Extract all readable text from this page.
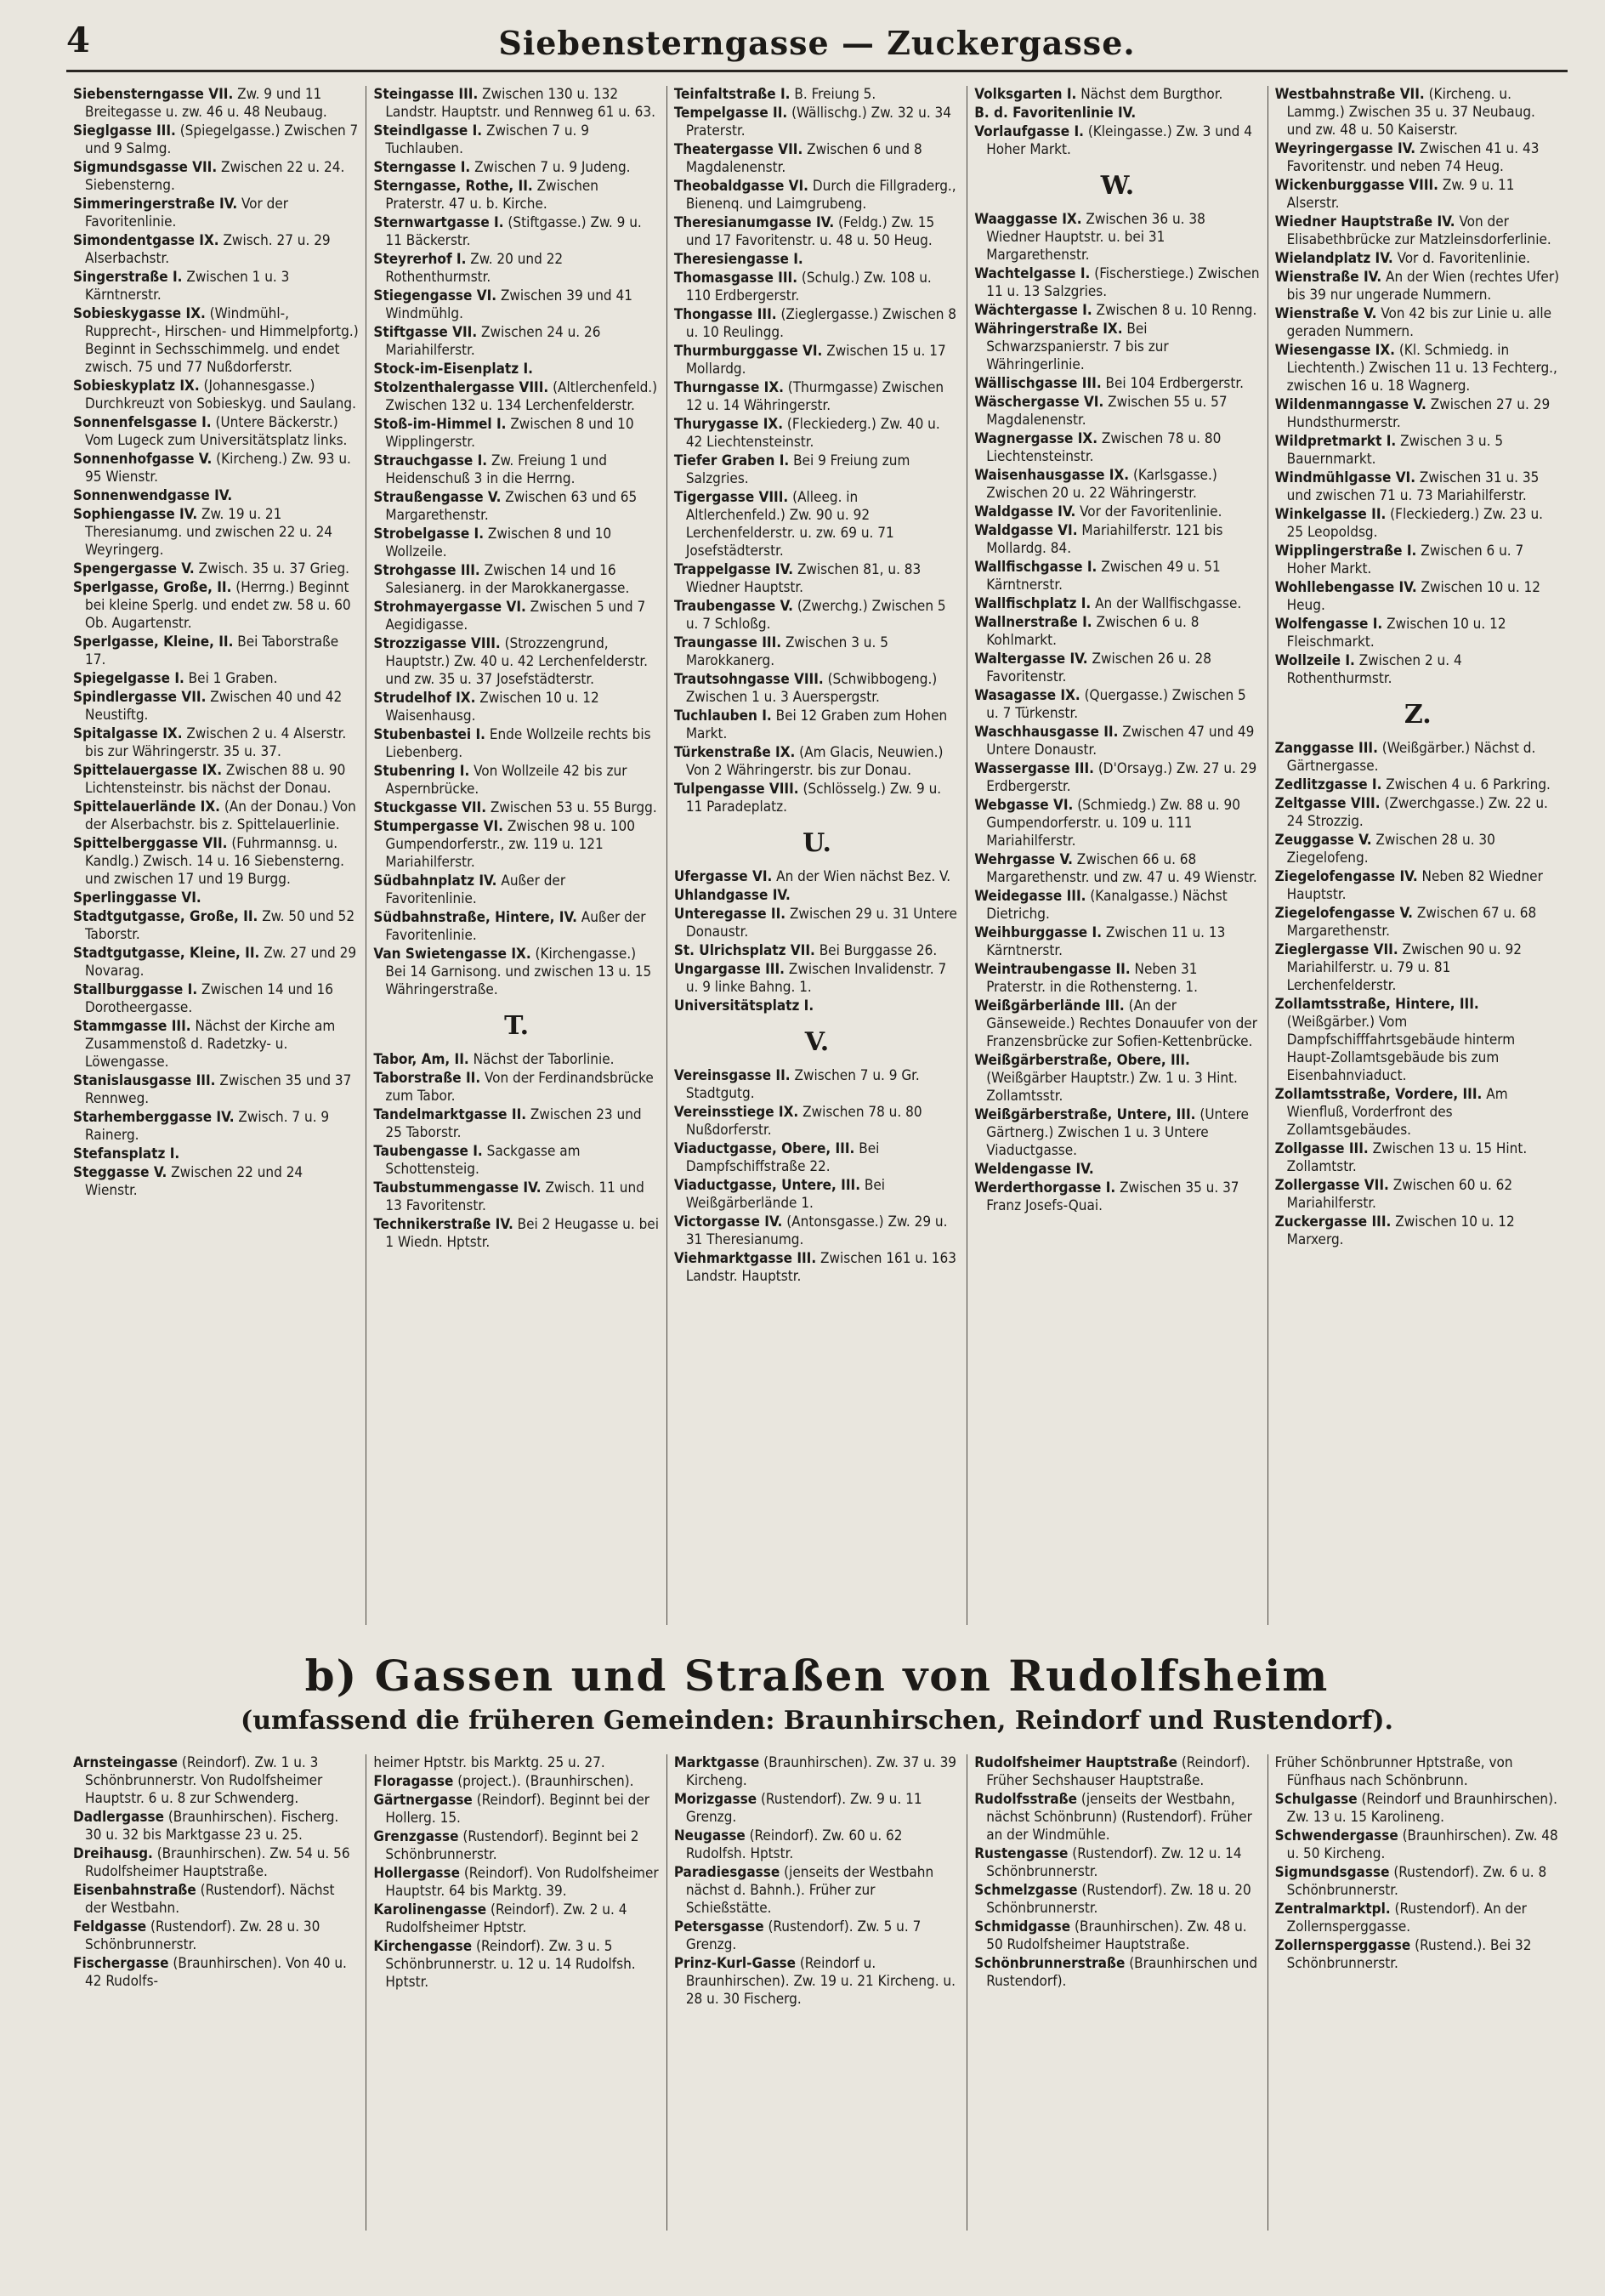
4	Siebensterngasse — Zuckergasse.
Siebensterngasse VII. Zw. 9 und 11 Breitegasse u. zw. 46 u. 48 Neubaug.
Sieglgasse III. (Spiegelgasse.) Zwischen 7 und 9 Salmg.
Sigmundsgasse VII. Zwischen 22 u. 24. Siebensterng.
Simmeringerstraße IV. Vor der Favoritenlinie.
Simondentgasse IX. Zwisch. 27 u. 29 Alserbachstr.
Singerstraße I. Zwischen 1 u. 3 Kärntnerstr.
Sobieskygasse IX. (Windmühl-, Rupprecht-, Hirschen- und Himmelpfortg.) Beginnt in Sechsschimmelg. und endet zwisch. 75 und 77 Nußdorferstr.
Sobieskyplatz IX. (Johannesgasse.) Durchkreuzt von Sobieskyg. und Saulang.
Sonnenfelsgasse I. (Untere Bäckerstr.) Vom Lugeck zum Universitätsplatz links.
Sonnenhofgasse V. (Kircheng.) Zw. 93 u. 95 Wienstr.
Sonnenwendgasse IV.
Sophiengasse IV. Zw. 19 u. 21 Theresianumg. und zwischen 22 u. 24 Weyringerg.
Spengergasse V. Zwisch. 35 u. 37 Grieg.
Sperlgasse, Große, II. (Herrng.) Beginnt bei kleine Sperlg. und endet zw. 58 u. 60 Ob. Augartenstr.
Sperlgasse, Kleine, II. Bei Taborstraße 17.
Spiegelgasse I. Bei 1 Graben.
Spindlergasse VII. Zwischen 40 und 42 Neustiftg.
Spitalgasse IX. Zwischen 2 u. 4 Alserstr. bis zur Währingerstr. 35 u. 37.
Spittelauergasse IX. Zwischen 88 u. 90 Lichtensteinstr. bis nächst der Donau.
Spittelauerlände IX. (An der Donau.) Von der Alserbachstr. bis z. Spittelauerlinie.
Spittelberggasse VII. (Fuhrmannsg. u. Kandlg.) Zwisch. 14 u. 16 Siebensterng. und zwischen 17 und 19 Burgg.
Sperlinggasse VI.
Stadtgutgasse, Große, II. Zw. 50 und 52 Taborstr.
Stadtgutgasse, Kleine, II. Zw. 27 und 29 Novarag.
Stallburggasse I. Zwischen 14 und 16 Dorotheergasse.
Stammgasse III. Nächst der Kirche am Zusammenstoß d. Radetzky- u. Löwengasse.
Stanislausgasse III. Zwischen 35 und 37 Rennweg.
Starhemberggasse IV. Zwisch. 7 u. 9 Rainerg.
Stefansplatz I.
Steggasse V. Zwischen 22 und 24 Wienstr.
Steingasse III. Zwischen 130 u. 132 Landstr. Hauptstr. und Rennweg 61 u. 63.
Steindlgasse I. Zwischen 7 u. 9 Tuchlauben.
Sterngasse I. Zwischen 7 u. 9 Judeng.
Sterngasse, Rothe, II. Zwischen Praterstr. 47 u. b. Kirche.
Sternwartgasse I. (Stiftgasse.) Zw. 9 u. 11 Bäckerstr.
Steyrerhof I. Zw. 20 und 22 Rothenthurmstr.
Stiegengasse VI. Zwischen 39 und 41 Windmühlg.
Stiftgasse VII. Zwischen 24 u. 26 Mariahilferstr.
Stock-im-Eisenplatz I.
Stolzenthalergasse VIII. (Altlerchenfeld.) Zwischen 132 u. 134 Lerchenfelderstr.
Stoß-im-Himmel I. Zwischen 8 und 10 Wipplingerstr.
Strauchgasse I. Zw. Freiung 1 und Heidenschuß 3 in die Herrng.
Straußengasse V. Zwischen 63 und 65 Margarethenstr.
Strobelgasse I. Zwischen 8 und 10 Wollzeile.
Strohgasse III. Zwischen 14 und 16 Salesianerg. in der Marokkanergasse.
Strohmayergasse VI. Zwischen 5 und 7 Aegidigasse.
Strozzigasse VIII. (Strozzengrund, Hauptstr.) Zw. 40 u. 42 Lerchenfelderstr. und zw. 35 u. 37 Josefstädterstr.
Strudelhof IX. Zwischen 10 u. 12 Waisenhausg.
Stubenbastei I. Ende Wollzeile rechts bis Liebenberg.
Stubenring I. Von Wollzeile 42 bis zur Aspernbrücke.
Stuckgasse VII. Zwischen 53 u. 55 Burgg.
Stumpergasse VI. Zwischen 98 u. 100 Gumpendorferstr., zw. 119 u. 121 Mariahilferstr.
Südbahnplatz IV. Außer der Favoritenlinie.
Südbahnstraße, Hintere, IV. Außer der Favoritenlinie.
Van Swietengasse IX. (Kirchengasse.) Bei 14 Garnisong. und zwischen 13 u. 15 Währingerstraße.
T.
Tabor, Am, II. Nächst der Taborlinie.
Taborstraße II. Von der Ferdinandsbrücke zum Tabor.
Tandelmarktgasse II. Zwischen 23 und 25 Taborstr.
Taubengasse I. Sackgasse am Schottensteig.
Taubstummengasse IV. Zwisch. 11 und 13 Favoritenstr.
Technikerstraße IV. Bei 2 Heugasse u. bei 1 Wiedn. Hptstr.
Teinfaltstraße I. B. Freiung 5.
Tempelgasse II. (Wällischg.) Zw. 32 u. 34 Praterstr.
Theatergasse VII. Zwischen 6 und 8 Magdalenenstr.
Theobaldgasse VI. Durch die Fillgraderg., Bienenq. und Laimgrubeng.
Theresianumgasse IV. (Feldg.) Zw. 15 und 17 Favoritenstr. u. 48 u. 50 Heug.
Theresiengasse I.
Thomasgasse III. (Schulg.) Zw. 108 u. 110 Erdbergerstr.
Thongasse III. (Zieglergasse.) Zwischen 8 u. 10 Reulingg.
Thurmburggasse VI. Zwischen 15 u. 17 Mollardg.
Thurngasse IX. (Thurmgasse) Zwischen 12 u. 14 Währingerstr.
Thurygasse IX. (Fleckiederg.) Zw. 40 u. 42 Liechtensteinstr.
Tiefer Graben I. Bei 9 Freiung zum Salzgries.
Tigergasse VIII. (Alleeg. in Altlerchenfeld.) Zw. 90 u. 92 Lerchenfelderstr. u. zw. 69 u. 71 Josefstädterstr.
Trappelgasse IV. Zwischen 81, u. 83 Wiedner Hauptstr.
Traubengasse V. (Zwerchg.) Zwischen 5 u. 7 Schloßg.
Traungasse III. Zwischen 3 u. 5 Marokkanerg.
Trautsohngasse VIII. (Schwibbogeng.) Zwischen 1 u. 3 Auerspergstr.
Tuchlauben I. Bei 12 Graben zum Hohen Markt.
Türkenstraße IX. (Am Glacis, Neuwien.) Von 2 Währingerstr. bis zur Donau.
Tulpengasse VIII. (Schlösselg.) Zw. 9 u. 11 Paradeplatz.
U.
Ufergasse VI. An der Wien nächst Bez. V.
Uhlandgasse IV.
Unteregasse II. Zwischen 29 u. 31 Untere Donaustr.
St. Ulrichsplatz VII. Bei Burggasse 26.
Ungargasse III. Zwischen Invalidenstr. 7 u. 9 linke Bahng. 1.
Universitätsplatz I.
V.
Vereinsgasse II. Zwischen 7 u. 9 Gr. Stadtgutg.
Vereinsstiege IX. Zwischen 78 u. 80 Nußdorferstr.
Viaductgasse, Obere, III. Bei Dampfschiffstraße 22.
Viaductgasse, Untere, III. Bei Weißgärberlände 1.
Victorgasse IV. (Antonsgasse.) Zw. 29 u. 31 Theresianumg.
Viehmarktgasse III. Zwischen 161 u. 163 Landstr. Hauptstr.
Volksgarten I. Nächst dem Burgthor.
B. d. Favoritenlinie IV.
Vorlaufgasse I. (Kleingasse.) Zw. 3 und 4 Hoher Markt.
W.
Waaggasse IX. Zwischen 36 u. 38 Wiedner Hauptstr. u. bei 31 Margarethenstr.
Wachtelgasse I. (Fischerstiege.) Zwischen 11 u. 13 Salzgries.
Wächtergasse I. Zwischen 8 u. 10 Renng.
Währingerstraße IX. Bei Schwarzspanierstr. 7 bis zur Währingerlinie.
Wällischgasse III. Bei 104 Erdbergerstr.
Wäschergasse VI. Zwischen 55 u. 57 Magdalenenstr.
Wagnergasse IX. Zwischen 78 u. 80 Liechtensteinstr.
Waisenhausgasse IX. (Karlsgasse.) Zwischen 20 u. 22 Währingerstr.
Waldgasse IV. Vor der Favoritenlinie.
Waldgasse VI. Mariahilferstr. 121 bis Mollardg. 84.
Wallfischgasse I. Zwischen 49 u. 51 Kärntnerstr.
Wallfischplatz I. An der Wallfischgasse.
Wallnerstraße I. Zwischen 6 u. 8 Kohlmarkt.
Waltergasse IV. Zwischen 26 u. 28 Favoritenstr.
Wasagasse IX. (Quergasse.) Zwischen 5 u. 7 Türkenstr.
Waschhausgasse II. Zwischen 47 und 49 Untere Donaustr.
Wassergasse III. (D'Orsayg.) Zw. 27 u. 29 Erdbergerstr.
Webgasse VI. (Schmiedg.) Zw. 88 u. 90 Gumpendorferstr. u. 109 u. 111 Mariahilferstr.
Wehrgasse V. Zwischen 66 u. 68 Margarethenstr. und zw. 47 u. 49 Wienstr.
Weidegasse III. (Kanalgasse.) Nächst Dietrichg.
Weihburggasse I. Zwischen 11 u. 13 Kärntnerstr.
Weintraubengasse II. Neben 31 Praterstr. in die Rothensterng. 1.
Weißgärberlände III. (An der Gänseweide.) Rechtes Donauufer von der Franzensbrücke zur Sofien-Kettenbrücke.
Weißgärberstraße, Obere, III. (Weißgärber Hauptstr.) Zw. 1 u. 3 Hint. Zollamtsstr.
Weißgärberstraße, Untere, III. (Untere Gärtnerg.) Zwischen 1 u. 3 Untere Viaductgasse.
Weldengasse IV.
Werderthorgasse I. Zwischen 35 u. 37 Franz Josefs-Quai.
Westbahnstraße VII. (Kircheng. u. Lammg.) Zwischen 35 u. 37 Neubaug. und zw. 48 u. 50 Kaiserstr.
Weyringergasse IV. Zwischen 41 u. 43 Favoritenstr. und neben 74 Heug.
Wickenburggasse VIII. Zw. 9 u. 11 Alserstr.
Wiedner Hauptstraße IV. Von der Elisabethbrücke zur Matzleinsdorferlinie.
Wielandplatz IV. Vor d. Favoritenlinie.
Wienstraße IV. An der Wien (rechtes Ufer) bis 39 nur ungerade Nummern.
Wienstraße V. Von 42 bis zur Linie u. alle geraden Nummern.
Wiesengasse IX. (Kl. Schmiedg. in Liechtenth.) Zwischen 11 u. 13 Fechterg., zwischen 16 u. 18 Wagnerg.
Wildenmanngasse V. Zwischen 27 u. 29 Hundsthurmerstr.
Wildpretmarkt I. Zwischen 3 u. 5 Bauernmarkt.
Windmühlgasse VI. Zwischen 31 u. 35 und zwischen 71 u. 73 Mariahilferstr.
Winkelgasse II. (Fleckiederg.) Zw. 23 u. 25 Leopoldsg.
Wipplingerstraße I. Zwischen 6 u. 7 Hoher Markt.
Wohllebengasse IV. Zwischen 10 u. 12 Heug.
Wolfengasse I. Zwischen 10 u. 12 Fleischmarkt.
Wollzeile I. Zwischen 2 u. 4 Rothenthurmstr.
Z.
Zanggasse III. (Weißgärber.) Nächst d. Gärtnergasse.
Zedlitzgasse I. Zwischen 4 u. 6 Parkring.
Zeltgasse VIII. (Zwerchgasse.) Zw. 22 u. 24 Strozzig.
Zeuggasse V. Zwischen 28 u. 30 Ziegelofeng.
Ziegelofengasse IV. Neben 82 Wiedner Hauptstr.
Ziegelofengasse V. Zwischen 67 u. 68 Margarethenstr.
Zieglergasse VII. Zwischen 90 u. 92 Mariahilferstr. u. 79 u. 81 Lerchenfelderstr.
Zollamtsstraße, Hintere, III. (Weißgärber.) Vom Dampfschifffahrtsgebäude hinterm Haupt-Zollamtsgebäude bis zum Eisenbahnviaduct.
Zollamtsstraße, Vordere, III. Am Wienfluß, Vorderfront des Zollamtsgebäudes.
Zollgasse III. Zwischen 13 u. 15 Hint. Zollamtstr.
Zollergasse VII. Zwischen 60 u. 62 Mariahilferstr.
Zuckergasse III. Zwischen 10 u. 12 Marxerg.
b) Gassen und Straßen von Rudolfsheim
(umfassend die früheren Gemeinden: Braunhirschen, Reindorf und Rustendorf).
Arnsteingasse (Reindorf). Zw. 1 u. 3 Schönbrunnerstr. Von Rudolfsheimer Hauptstr. 6 u. 8 zur Schwenderg.
Dadlergasse (Braunhirschen). Fischerg. 30 u. 32 bis Marktgasse 23 u. 25.
Dreihausg. (Braunhirschen). Zw. 54 u. 56 Rudolfsheimer Hauptstraße.
Eisenbahnstraße (Rustendorf). Nächst der Westbahn.
Feldgasse (Rustendorf). Zw. 28 u. 30 Schönbrunnerstr.
Fischergasse (Braunhirschen). Von 40 u. 42 Rudolfs-
heimer Hptstr. bis Marktg. 25 u. 27.
Floragasse (project.). (Braunhirschen).
Gärtnergasse (Reindorf). Beginnt bei der Hollerg. 15.
Grenzgasse (Rustendorf). Beginnt bei 2 Schönbrunnerstr.
Hollergasse (Reindorf). Von Rudolfsheimer Hauptstr. 64 bis Marktg. 39.
Karolinengasse (Reindorf). Zw. 2 u. 4 Rudolfsheimer Hptstr.
Kirchengasse (Reindorf). Zw. 3 u. 5 Schönbrunnerstr. u. 12 u. 14 Rudolfsh. Hptstr.
Marktgasse (Braunhirschen). Zw. 37 u. 39 Kircheng.
Morizgasse (Rustendorf). Zw. 9 u. 11 Grenzg.
Neugasse (Reindorf). Zw. 60 u. 62 Rudolfsh. Hptstr.
Paradiesgasse (jenseits der Westbahn nächst d. Bahnh.). Früher zur Schießstätte.
Petersgasse (Rustendorf). Zw. 5 u. 7 Grenzg.
Prinz-Kurl-Gasse (Reindorf u. Braunhirschen). Zw. 19 u. 21 Kircheng. u. 28 u. 30 Fischerg.
Rudolfsheimer Hauptstraße (Reindorf). Früher Sechshauser Hauptstraße.
Rudolfsstraße (jenseits der Westbahn, nächst Schönbrunn) (Rustendorf). Früher an der Windmühle.
Rustengasse (Rustendorf). Zw. 12 u. 14 Schönbrunnerstr.
Schmelzgasse (Rustendorf). Zw. 18 u. 20 Schönbrunnerstr.
Schmidgasse (Braunhirschen). Zw. 48 u. 50 Rudolfsheimer Hauptstraße.
Schönbrunnerstraße (Braunhirschen und Rustendorf).
Früher Schönbrunner Hptstraße, von Fünfhaus nach Schönbrunn.
Schulgasse (Reindorf und Braunhirschen). Zw. 13 u. 15 Karolineng.
Schwendergasse (Braunhirschen). Zw. 48 u. 50 Kircheng.
Sigmundsgasse (Rustendorf). Zw. 6 u. 8 Schönbrunnerstr.
Zentralmarktpl. (Rustendorf). An der Zollernsperggasse.
Zollernsperggasse (Rustend.). Bei 32 Schönbrunnerstr.
